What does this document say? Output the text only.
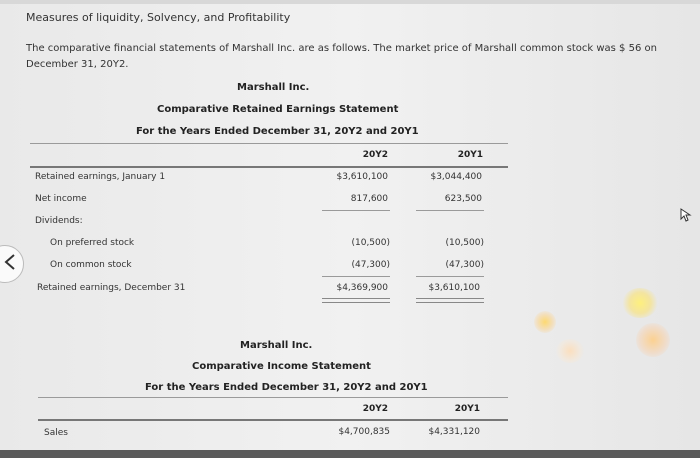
Measures of liquidity, Solvency, and Profitability
The comparative financial statements of Marshall Inc. are as follows. The market price of Marshall common stock was $ 56 on December 31, 20Y2.
Marshall Inc.
Comparative Retained Earnings Statement
For the Years Ended December 31, 20Y2 and 20Y1
20Y2	20Y1
Retained earnings, January 1	$3,610,100	$3,044,400
Net income	817,600	623,500
Dividends:
On preferred stock	(10,500)	(10,500)
On common stock	(47,300)	(47,300)
Retained earnings, December 31	$4,369,900	$3,610,100
Marshall Inc.
Comparative Income Statement
For the Years Ended December 31, 20Y2 and 20Y1
20Y2	20Y1
Sales	$4,700,835	$4,331,120
